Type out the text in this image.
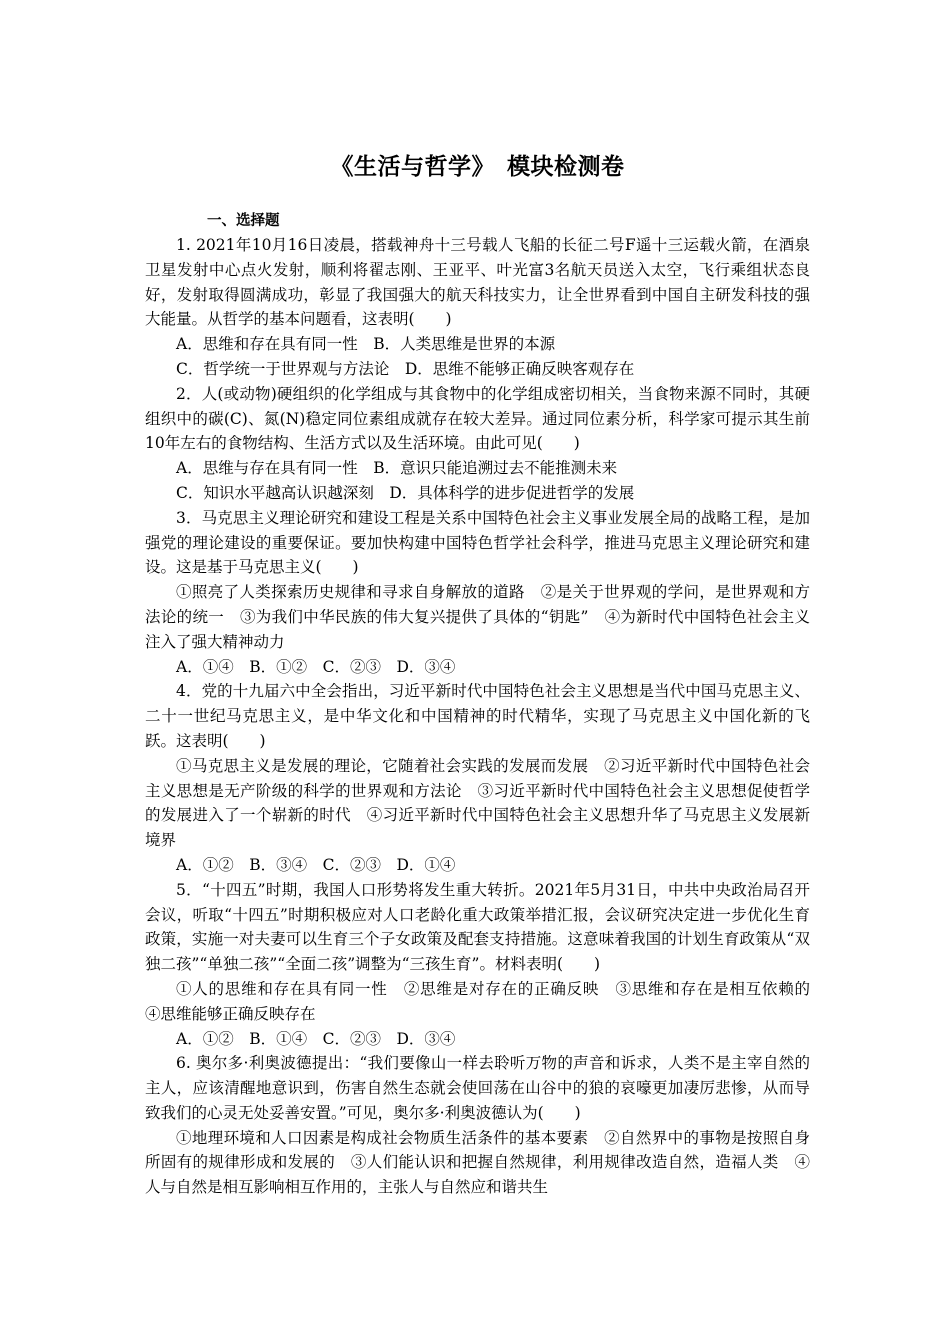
《生活与哲学》　模块检测卷
一、选择题

1. 2021年10月16日凌晨，搭载神舟十三号载人飞船的长征二号F遥十三运载火箭，在酒泉卫星发射中心点火发射，顺利将翟志刚、王亚平、叶光富3名航天员送入太空，飞行乘组状态良好，发射取得圆满成功，彰显了我国强大的航天科技实力，让全世界看到中国自主研发科技的强大能量。从哲学的基本问题看，这表明(　　)

A．思维和存在具有同一性　B．人类思维是世界的本源

C．哲学统一于世界观与方法论　D．思维不能够正确反映客观存在

2．人(或动物)硬组织的化学组成与其食物中的化学组成密切相关，当食物来源不同时，其硬组织中的碳(C)、氮(N)稳定同位素组成就存在较大差异。通过同位素分析，科学家可提示其生前10年左右的食物结构、生活方式以及生活环境。由此可见(　　)

A．思维与存在具有同一性　B．意识只能追溯过去不能推测未来

C．知识水平越高认识越深刻　D．具体科学的进步促进哲学的发展

3．马克思主义理论研究和建设工程是关系中国特色社会主义事业发展全局的战略工程，是加强党的理论建设的重要保证。要加快构建中国特色哲学社会科学，推进马克思主义理论研究和建设。这是基于马克思主义(　　)

①照亮了人类探索历史规律和寻求自身解放的道路　②是关于世界观的学问，是世界观和方法论的统一　③为我们中华民族的伟大复兴提供了具体的“钥匙”　④为新时代中国特色社会主义注入了强大精神动力

A．①④　B．①②　C．②③　D．③④

4．党的十九届六中全会指出，习近平新时代中国特色社会主义思想是当代中国马克思主义、二十一世纪马克思主义，是中华文化和中国精神的时代精华，实现了马克思主义中国化新的飞跃。这表明(　　)

①马克思主义是发展的理论，它随着社会实践的发展而发展　②习近平新时代中国特色社会主义思想是无产阶级的科学的世界观和方法论　③习近平新时代中国特色社会主义思想促使哲学的发展进入了一个崭新的时代　④习近平新时代中国特色社会主义思想升华了马克思主义发展新境界

A．①②　B．③④　C．②③　D．①④

5．“十四五”时期，我国人口形势将发生重大转折。2021年5月31日，中共中央政治局召开会议，听取“十四五”时期积极应对人口老龄化重大政策举措汇报，会议研究决定进一步优化生育政策，实施一对夫妻可以生育三个子女政策及配套支持措施。这意味着我国的计划生育政策从“双独二孩”“单独二孩”“全面二孩”调整为“三孩生育”。材料表明(　　)

①人的思维和存在具有同一性　②思维是对存在的正确反映　③思维和存在是相互依赖的　④思维能够正确反映存在

A．①②　B．①④　C．②③　D．③④

6. 奥尔多·利奥波德提出：“我们要像山一样去聆听万物的声音和诉求，人类不是主宰自然的主人，应该清醒地意识到，伤害自然生态就会使回荡在山谷中的狼的哀嚎更加凄厉悲惨，从而导致我们的心灵无处妥善安置。”可见，奥尔多·利奥波德认为(　　)

①地理环境和人口因素是构成社会物质生活条件的基本要素　②自然界中的事物是按照自身所固有的规律形成和发展的　③人们能认识和把握自然规律，利用规律改造自然，造福人类　④人与自然是相互影响相互作用的，主张人与自然应和谐共生
